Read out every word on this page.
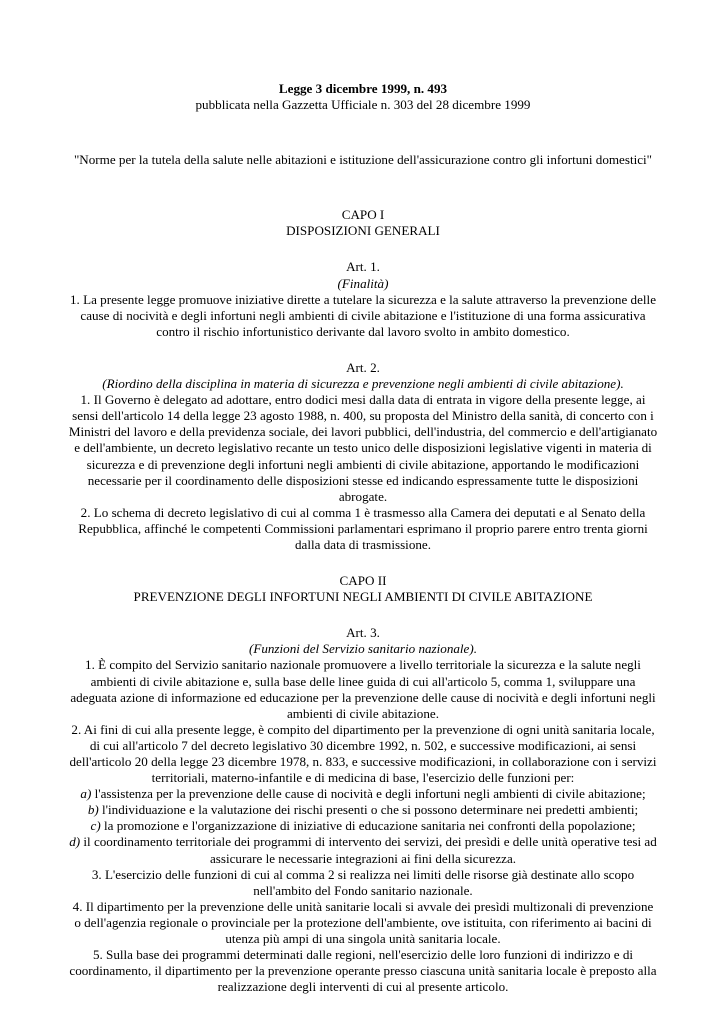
Legge 3 dicembre 1999, n. 493

pubblicata nella Gazzetta Ufficiale n. 303 del 28 dicembre 1999

"Norme per la tutela della salute nelle abitazioni e istituzione dell'assicurazione contro gli infortuni domestici"

CAPO I

DISPOSIZIONI GENERALI

Art. 1.

(Finalità)

1. La presente legge promuove iniziative dirette a tutelare la sicurezza e la salute attraverso la prevenzione delle cause di nocività e degli infortuni negli ambienti di civile abitazione e l'istituzione di una forma assicurativa contro il rischio infortunistico derivante dal lavoro svolto in ambito domestico.

Art. 2.

(Riordino della disciplina in materia di sicurezza e prevenzione negli ambienti di civile abitazione).

1. Il Governo è delegato ad adottare, entro dodici mesi dalla data di entrata in vigore della presente legge, ai sensi dell'articolo 14 della legge 23 agosto 1988, n. 400, su proposta del Ministro della sanità, di concerto con i Ministri del lavoro e della previdenza sociale, dei lavori pubblici, dell'industria, del commercio e dell'artigianato e dell'ambiente, un decreto legislativo recante un testo unico delle disposizioni legislative vigenti in materia di sicurezza e di prevenzione degli infortuni negli ambienti di civile abitazione, apportando le modificazioni necessarie per il coordinamento delle disposizioni stesse ed indicando espressamente tutte le disposizioni abrogate.

2. Lo schema di decreto legislativo di cui al comma 1 è trasmesso alla Camera dei deputati e al Senato della Repubblica, affinché le competenti Commissioni parlamentari esprimano il proprio parere entro trenta giorni dalla data di trasmissione.

CAPO II

PREVENZIONE DEGLI INFORTUNI NEGLI AMBIENTI DI CIVILE ABITAZIONE

Art. 3.

(Funzioni del Servizio sanitario nazionale).

1. È compito del Servizio sanitario nazionale promuovere a livello territoriale la sicurezza e la salute negli ambienti di civile abitazione e, sulla base delle linee guida di cui all'articolo 5, comma 1, sviluppare una adeguata azione di informazione ed educazione per la prevenzione delle cause di nocività e degli infortuni negli ambienti di civile abitazione.

2. Ai fini di cui alla presente legge, è compito del dipartimento per la prevenzione di ogni unità sanitaria locale, di cui all'articolo 7 del decreto legislativo 30 dicembre 1992, n. 502, e successive modificazioni, ai sensi dell'articolo 20 della legge 23 dicembre 1978, n. 833, e successive modificazioni, in collaborazione con i servizi territoriali, materno-infantile e di medicina di base, l'esercizio delle funzioni per:

a) l'assistenza per la prevenzione delle cause di nocività e degli infortuni negli ambienti di civile abitazione;

b) l'individuazione e la valutazione dei rischi presenti o che si possono determinare nei predetti ambienti;

c) la promozione e l'organizzazione di iniziative di educazione sanitaria nei confronti della popolazione;

d) il coordinamento territoriale dei programmi di intervento dei servizi, dei presìdi e delle unità operative tesi ad assicurare le necessarie integrazioni ai fini della sicurezza.

3. L'esercizio delle funzioni di cui al comma 2 si realizza nei limiti delle risorse già destinate allo scopo nell'ambito del Fondo sanitario nazionale.

4. Il dipartimento per la prevenzione delle unità sanitarie locali si avvale dei presìdi multizonali di prevenzione o dell'agenzia regionale o provinciale per la protezione dell'ambiente, ove istituita, con riferimento ai bacini di utenza più ampi di una singola unità sanitaria locale.

5. Sulla base dei programmi determinati dalle regioni, nell'esercizio delle loro funzioni di indirizzo e di coordinamento, il dipartimento per la prevenzione operante presso ciascuna unità sanitaria locale è preposto alla realizzazione degli interventi di cui al presente articolo.
